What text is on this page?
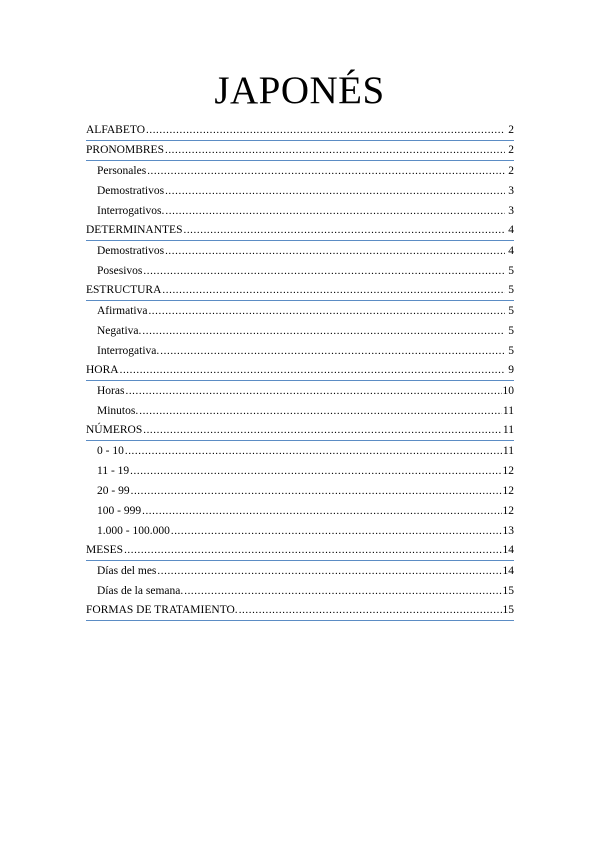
JAPONÉS
ALFABETO .....	2
PRONOMBRES .....	2
Personales .....	2
Demostrativos .....	3
Interrogativos. .....	3
DETERMINANTES .....	4
Demostrativos .....	4
Posesivos .....	5
ESTRUCTURA .....	5
Afirmativa .....	5
Negativa. .....	5
Interrogativa. .....	5
HORA .....	9
Horas .....	10
Minutos. .....	11
NÚMEROS .....	11
0 - 10 .....	11
11 - 19 .....	12
20 - 99 .....	12
100 - 999 .....	12
1.000 - 100.000 .....	13
MESES .....	14
Días del mes .....	14
Días de la semana. .....	15
FORMAS DE TRATAMIENTO. .....	15
